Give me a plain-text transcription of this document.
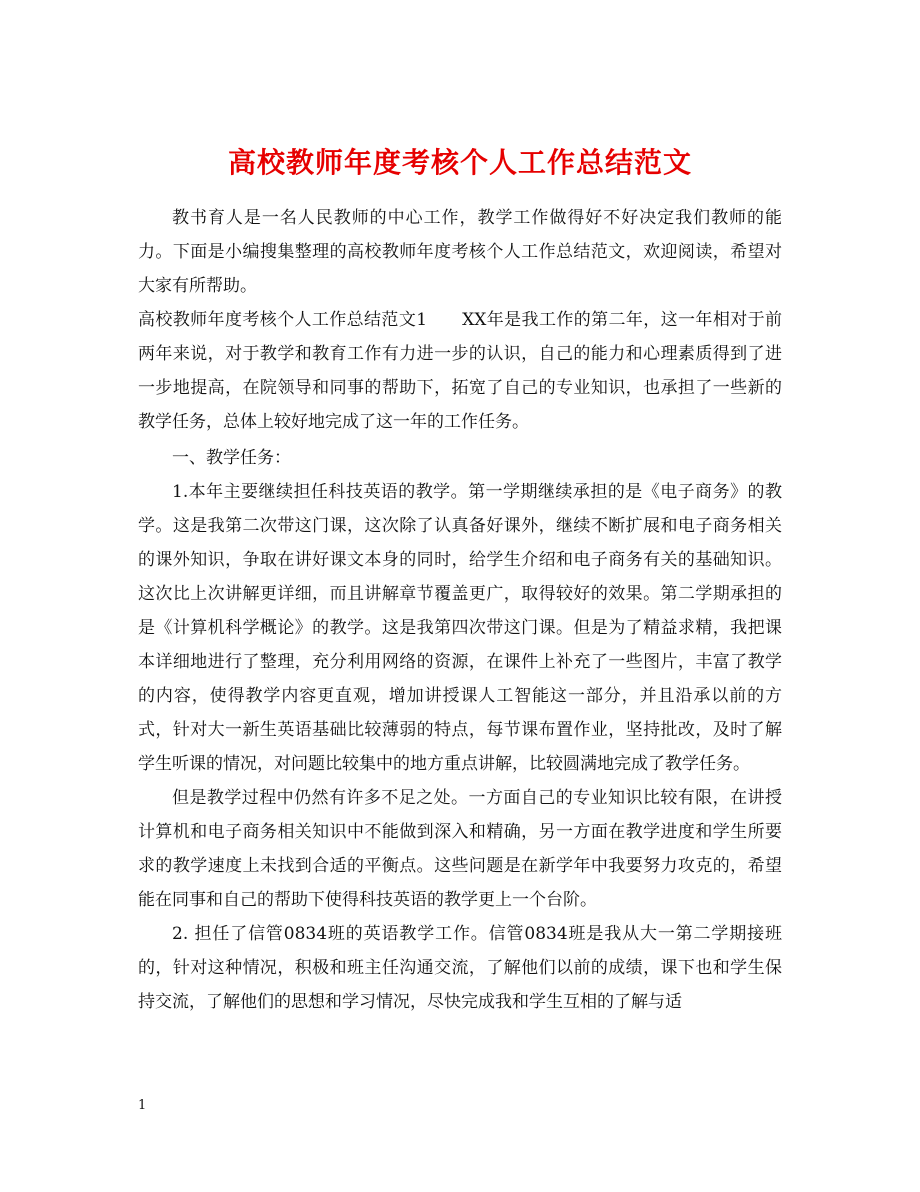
高校教师年度考核个人工作总结范文

教书育人是一名人民教师的中心工作，教学工作做得好不好决定我们教师的能力。下面是小编搜集整理的高校教师年度考核个人工作总结范文，欢迎阅读，希望对大家有所帮助。

高校教师年度考核个人工作总结范文1　　XX年是我工作的第二年，这一年相对于前两年来说，对于教学和教育工作有力进一步的认识，自己的能力和心理素质得到了进一步地提高，在院领导和同事的帮助下，拓宽了自己的专业知识，也承担了一些新的教学任务，总体上较好地完成了这一年的工作任务。

一、教学任务：

1.本年主要继续担任科技英语的教学。第一学期继续承担的是《电子商务》的教学。这是我第二次带这门课，这次除了认真备好课外，继续不断扩展和电子商务相关的课外知识，争取在讲好课文本身的同时，给学生介绍和电子商务有关的基础知识。这次比上次讲解更详细，而且讲解章节覆盖更广，取得较好的效果。第二学期承担的是《计算机科学概论》的教学。这是我第四次带这门课。但是为了精益求精，我把课本详细地进行了整理，充分利用网络的资源，在课件上补充了一些图片，丰富了教学的内容，使得教学内容更直观，增加讲授课人工智能这一部分，并且沿承以前的方式，针对大一新生英语基础比较薄弱的特点，每节课布置作业，坚持批改，及时了解学生听课的情况，对问题比较集中的地方重点讲解，比较圆满地完成了教学任务。

但是教学过程中仍然有许多不足之处。一方面自己的专业知识比较有限，在讲授计算机和电子商务相关知识中不能做到深入和精确，另一方面在教学进度和学生所要求的教学速度上未找到合适的平衡点。这些问题是在新学年中我要努力攻克的，希望能在同事和自己的帮助下使得科技英语的教学更上一个台阶。

2. 担任了信管0834班的英语教学工作。信管0834班是我从大一第二学期接班的，针对这种情况，积极和班主任沟通交流，了解他们以前的成绩，课下也和学生保持交流，了解他们的思想和学习情况，尽快完成我和学生互相的了解与适

1
